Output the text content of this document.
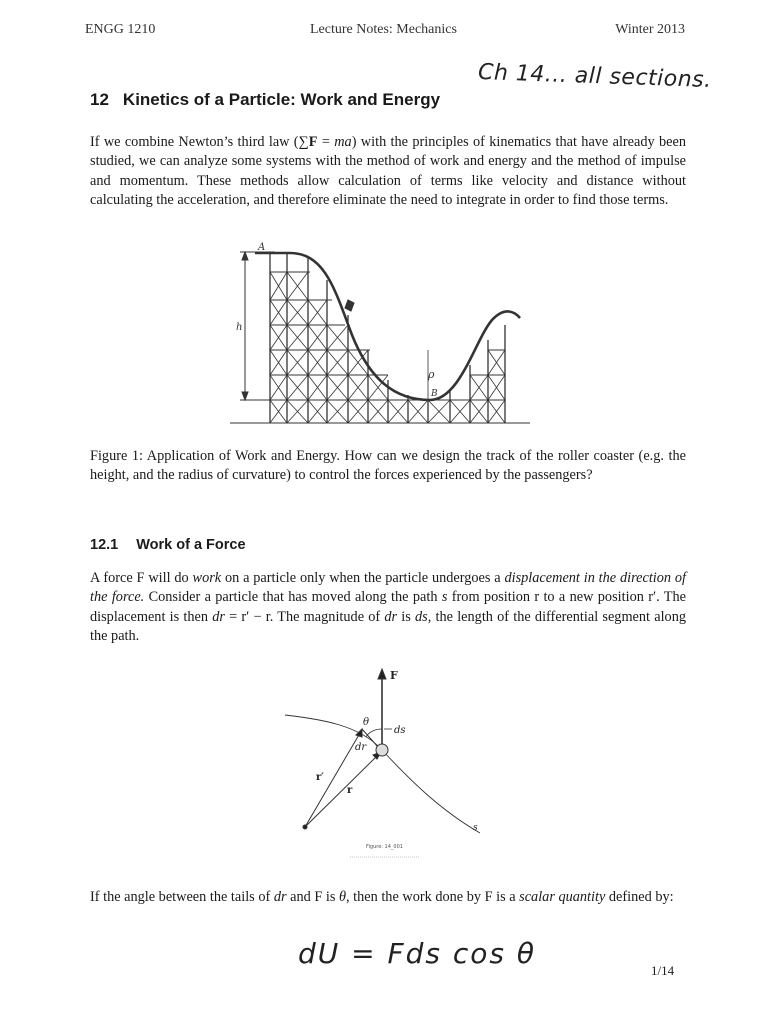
ENGG 1210	Lecture Notes: Mechanics	Winter 2013
Ch 14... all sections.
12 Kinetics of a Particle: Work and Energy

If we combine Newton’s third law (∑F = ma) with the principles of kinematics that have already been studied, we can analyze some systems with the method of work and energy and the method of impulse and momentum. These methods allow calculation of terms like velocity and distance without calculating the acceleration, and therefore eliminate the need to integrate in order to find those terms.

A
h
ρ
B

Figure 1: Application of Work and Energy. How can we design the track of the roller coaster (e.g. the height, and the radius of curvature) to control the forces experienced by the passengers?

12.1 Work of a Force

A force F will do work on a particle only when the particle undergoes a displacement in the direction of the force. Consider a particle that has moved along the path s from position r to a new position r′. The displacement is then dr = r′ − r. The magnitude of dr is ds, the length of the differential segment along the path.

F
θ
ds
dr
r′
r
s
Figure: 14_001

If the angle between the tails of dr and F is θ, then the work done by F is a scalar quantity defined by:

dU = Fds cos θ
1/14
